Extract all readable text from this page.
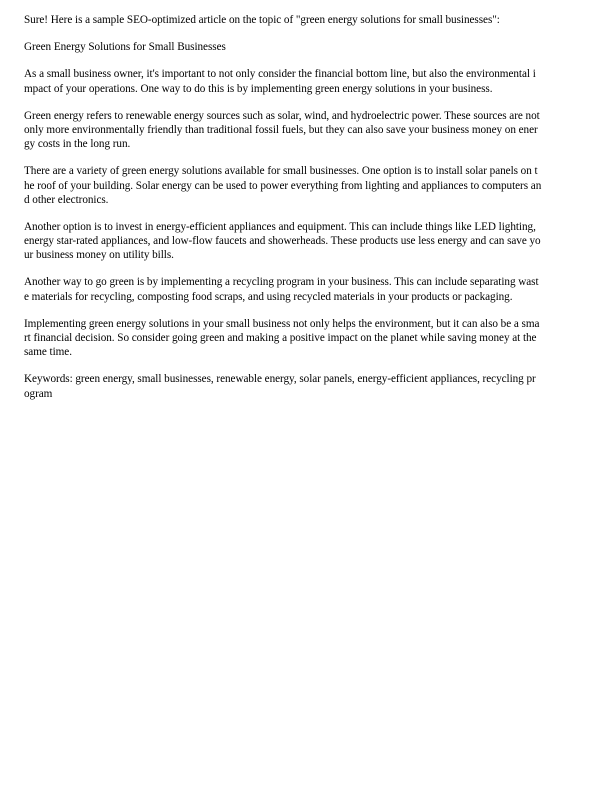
Sure! Here is a sample SEO-optimized article on the topic of "green energy solutions for small businesses":
Green Energy Solutions for Small Businesses
As a small business owner, it's important to not only consider the financial bottom line, but also the environmental i
mpact of your operations. One way to do this is by implementing green energy solutions in your business.
Green energy refers to renewable energy sources such as solar, wind, and hydroelectric power. These sources are not
only more environmentally friendly than traditional fossil fuels, but they can also save your business money on ener
gy costs in the long run.
There are a variety of green energy solutions available for small businesses. One option is to install solar panels on t
he roof of your building. Solar energy can be used to power everything from lighting and appliances to computers an
d other electronics.
Another option is to invest in energy-efficient appliances and equipment. This can include things like LED lighting,
energy star-rated appliances, and low-flow faucets and showerheads. These products use less energy and can save yo
ur business money on utility bills.
Another way to go green is by implementing a recycling program in your business. This can include separating wast
e materials for recycling, composting food scraps, and using recycled materials in your products or packaging.
Implementing green energy solutions in your small business not only helps the environment, but it can also be a sma
rt financial decision. So consider going green and making a positive impact on the planet while saving money at the
same time.
Keywords: green energy, small businesses, renewable energy, solar panels, energy-efficient appliances, recycling pr
ogram
